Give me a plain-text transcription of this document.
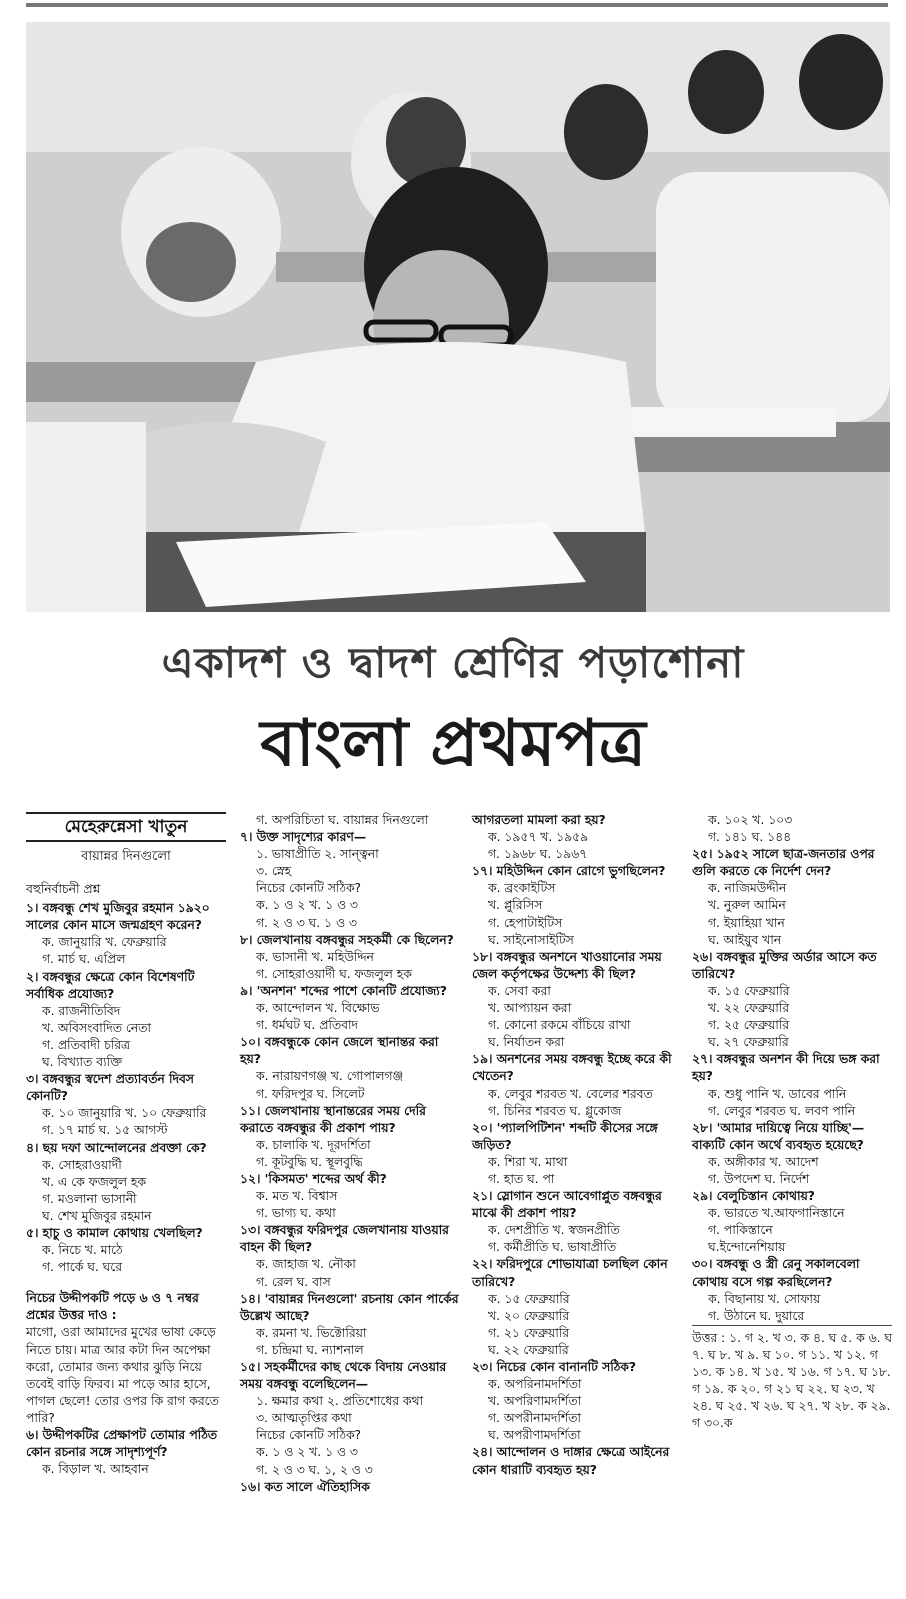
একাদশ ও দ্বাদশ শ্রেণির পড়াশোনা
বাংলা প্রথমপত্র

মেহেরুন্নেসা খাতুন

বায়ান্নর দিনগুলো

বহুনির্বাচনী প্রশ্ন

১। বঙ্গবন্ধু শেখ মুজিবুর রহমান ১৯২০ সালের কোন মাসে জন্মগ্রহণ করেন?

ক. জানুয়ারি খ. ফেব্রুয়ারি

গ. মার্চ ঘ. এপ্রিল

২। বঙ্গবন্ধুর ক্ষেত্রে কোন বিশেষণটি সর্বাধিক প্রযোজ্য?

ক. রাজনীতিবিদ

খ. অবিসংবাদিত নেতা

গ. প্রতিবাদী চরিত্র

ঘ. বিখ্যাত ব্যক্তি

৩। বঙ্গবন্ধুর স্বদেশ প্রত্যাবর্তন দিবস কোনটি?

ক. ১০ জানুয়ারি খ. ১০ ফেব্রুয়ারি

গ. ১৭ মার্চ ঘ. ১৫ আগস্ট

৪। ছয় দফা আন্দোলনের প্রবক্তা কে?

ক. সোহরাওয়ার্দী

খ. এ কে ফজলুল হক

গ. মওলানা ভাসানী

ঘ. শেখ মুজিবুর রহমান

৫। হাচু ও কামাল কোথায় খেলছিল?

ক. নিচে খ. মাঠে

গ. পার্কে ঘ. ঘরে

নিচের উদ্দীপকটি পড়ে ৬ ও ৭ নম্বর প্রশ্নের উত্তর দাও :

মাগো, ওরা আমাদের মুখের ভাষা কেড়ে নিতে চায়। মাত্র আর কটা দিন অপেক্ষা করো, তোমার জন্য কথার ঝুড়ি নিয়ে তবেই বাড়ি ফিরব। মা পড়ে আর হাসে, পাগল ছেলে! তোর ওপর কি রাগ করতে পারি?

৬। উদ্দীপকটির প্রেক্ষাপট তোমার পঠিত কোন রচনার সঙ্গে সাদৃশ্যপূর্ণ?

ক. বিড়াল খ. আহবান

গ. অপরিচিতা ঘ. বায়ান্নর দিনগুলো

৭। উক্ত সাদৃশ্যের কারণ—

১. ভাষাপ্রীতি ২. সান্ত্বনা

৩. স্নেহ

নিচের কোনটি সঠিক?

ক. ১ ও ২ খ. ১ ও ৩

গ. ২ ও ৩ ঘ. ১ ও ৩

৮। জেলখানায় বঙ্গবন্ধুর সহকর্মী কে ছিলেন?

ক. ভাসানী খ. মহিউদ্দিন

গ. সোহরাওয়ার্দী ঘ. ফজলুল হক

৯। 'অনশন' শব্দের পাশে কোনটি প্রযোজ্য?

ক. আন্দোলন খ. বিক্ষোভ

গ. ধর্মঘট ঘ. প্রতিবাদ

১০। বঙ্গবন্ধুকে কোন জেলে স্থানান্তর করা হয়?

ক. নারায়ণগঞ্জ খ. গোপালগঞ্জ

গ. ফরিদপুর ঘ. সিলেট

১১। জেলখানায় স্থানান্তরের সময় দেরি করাতে বঙ্গবন্ধুর কী প্রকাশ পায়?

ক. চালাকি খ. দূরদর্শিতা

গ. কূটবুদ্ধি ঘ. স্থূলবুদ্ধি

১২। 'কিসমত' শব্দের অর্থ কী?

ক. মত খ. বিশ্বাস

গ. ভাগ্য ঘ. কথা

১৩। বঙ্গবন্ধুর ফরিদপুর জেলখানায় যাওয়ার বাহন কী ছিল?

ক. জাহাজ খ. নৌকা

গ. রেল ঘ. বাস

১৪। 'বায়ান্নর দিনগুলো' রচনায় কোন পার্কের উল্লেখ আছে?

ক. রমনা খ. ভিক্টোরিয়া

গ. চন্দ্রিমা ঘ. ন্যাশনাল

১৫। সহকর্মীদের কাছ থেকে বিদায় নেওয়ার সময় বঙ্গবন্ধু বলেছিলেন—

১. ক্ষমার কথা ২. প্রতিশোধের কথা

৩. আত্মতৃপ্তির কথা

নিচের কোনটি সঠিক?

ক. ১ ও ২ খ. ১ ও ৩

গ. ২ ও ৩ ঘ. ১, ২ ও ৩

১৬। কত সালে ঐতিহাসিক

আগরতলা মামলা করা হয়?

ক. ১৯৫৭ খ. ১৯৫৯

গ. ১৯৬৮ ঘ. ১৯৬৭

১৭। মহিউদ্দিন কোন রোগে ভুগছিলেন?

ক. ব্রংকাইটিস

খ. প্লুরিসিস

গ. হেপাটাইটিস

ঘ. সাইনোসাইটিস

১৮। বঙ্গবন্ধুর অনশনে খাওয়ানোর সময় জেল কর্তৃপক্ষের উদ্দেশ্য কী ছিল?

ক. সেবা করা

খ. আপ্যায়ন করা

গ. কোনো রকমে বাঁচিয়ে রাখা

ঘ. নির্যাতন করা

১৯। অনশনের সময় বঙ্গবন্ধু ইচ্ছে করে কী খেতেন?

ক. লেবুর শরবত খ. বেলের শরবত

গ. চিনির শরবত ঘ. গ্লুকোজ

২০। 'প্যালপিটিশন' শব্দটি কীসের সঙ্গে জড়িত?

ক. শিরা খ. মাথা

গ. হাত ঘ. পা

২১। স্লোগান শুনে আবেগাপ্লুত বঙ্গবন্ধুর মাঝে কী প্রকাশ পায়?

ক. দেশপ্রীতি খ. স্বজনপ্রীতি

গ. কর্মীপ্রীতি ঘ. ভাষাপ্রীতি

২২। ফরিদপুরে শোভাযাত্রা চলছিল কোন তারিখে?

ক. ১৫ ফেব্রুয়ারি

খ. ২০ ফেব্রুয়ারি

গ. ২১ ফেব্রুয়ারি

ঘ. ২২ ফেব্রুয়ারি

২৩। নিচের কোন বানানটি সঠিক?

ক. অপরিনামদর্শিতা

খ. অপরিণামদর্শিতা

গ. অপরীনামদর্শিতা

ঘ. অপরীণামদর্শিতা

২৪। আন্দোলন ও দাঙ্গার ক্ষেত্রে আইনের কোন ধারাটি ব্যবহৃত হয়?

ক. ১০২ খ. ১০৩

গ. ১৪১ ঘ. ১৪৪

২৫। ১৯৫২ সালে ছাত্র-জনতার ওপর গুলি করতে কে নির্দেশ দেন?

ক. নাজিমউদ্দীন

খ. নুরুল আমিন

গ. ইয়াহিয়া খান

ঘ. আইয়ুব খান

২৬। বঙ্গবন্ধুর মুক্তির অর্ডার আসে কত তারিখে?

ক. ১৫ ফেব্রুয়ারি

খ. ২২ ফেব্রুয়ারি

গ. ২৫ ফেব্রুয়ারি

ঘ. ২৭ ফেব্রুয়ারি

২৭। বঙ্গবন্ধুর অনশন কী দিয়ে ভঙ্গ করা হয়?

ক. শুধু পানি খ. ডাবের পানি

গ. লেবুর শরবত ঘ. লবণ পানি

২৮। 'আমার দায়িত্বে নিয়ে যাচ্ছি'—বাক্যটি কোন অর্থে ব্যবহৃত হয়েছে?

ক. অঙ্গীকার খ. আদেশ

গ. উপদেশ ঘ. নির্দেশ

২৯। বেলুচিস্তান কোথায়?

ক. ভারতে খ.আফগানিস্তানে

গ. পাকিস্তানে

ঘ.ইন্দোনেশিয়ায়

৩০। বঙ্গবন্ধু ও স্ত্রী রেনু সকালবেলা কোথায় বসে গল্প করছিলেন?

ক. বিছানায় খ. সোফায়

গ. উঠানে ঘ. দুয়ারে

উত্তর : ১. গ ২. খ ৩. ক ৪. ঘ ৫. ক ৬. ঘ ৭. ঘ ৮. খ ৯. ঘ ১০. গ ১১. খ ১২. গ ১৩. ক ১৪. খ ১৫. খ ১৬. গ ১৭. ঘ ১৮. গ ১৯. ক ২০. গ ২১ ঘ ২২. ঘ ২৩. খ ২৪. ঘ ২৫. খ ২৬. ঘ ২৭. খ ২৮. ক ২৯. গ ৩০.ক
